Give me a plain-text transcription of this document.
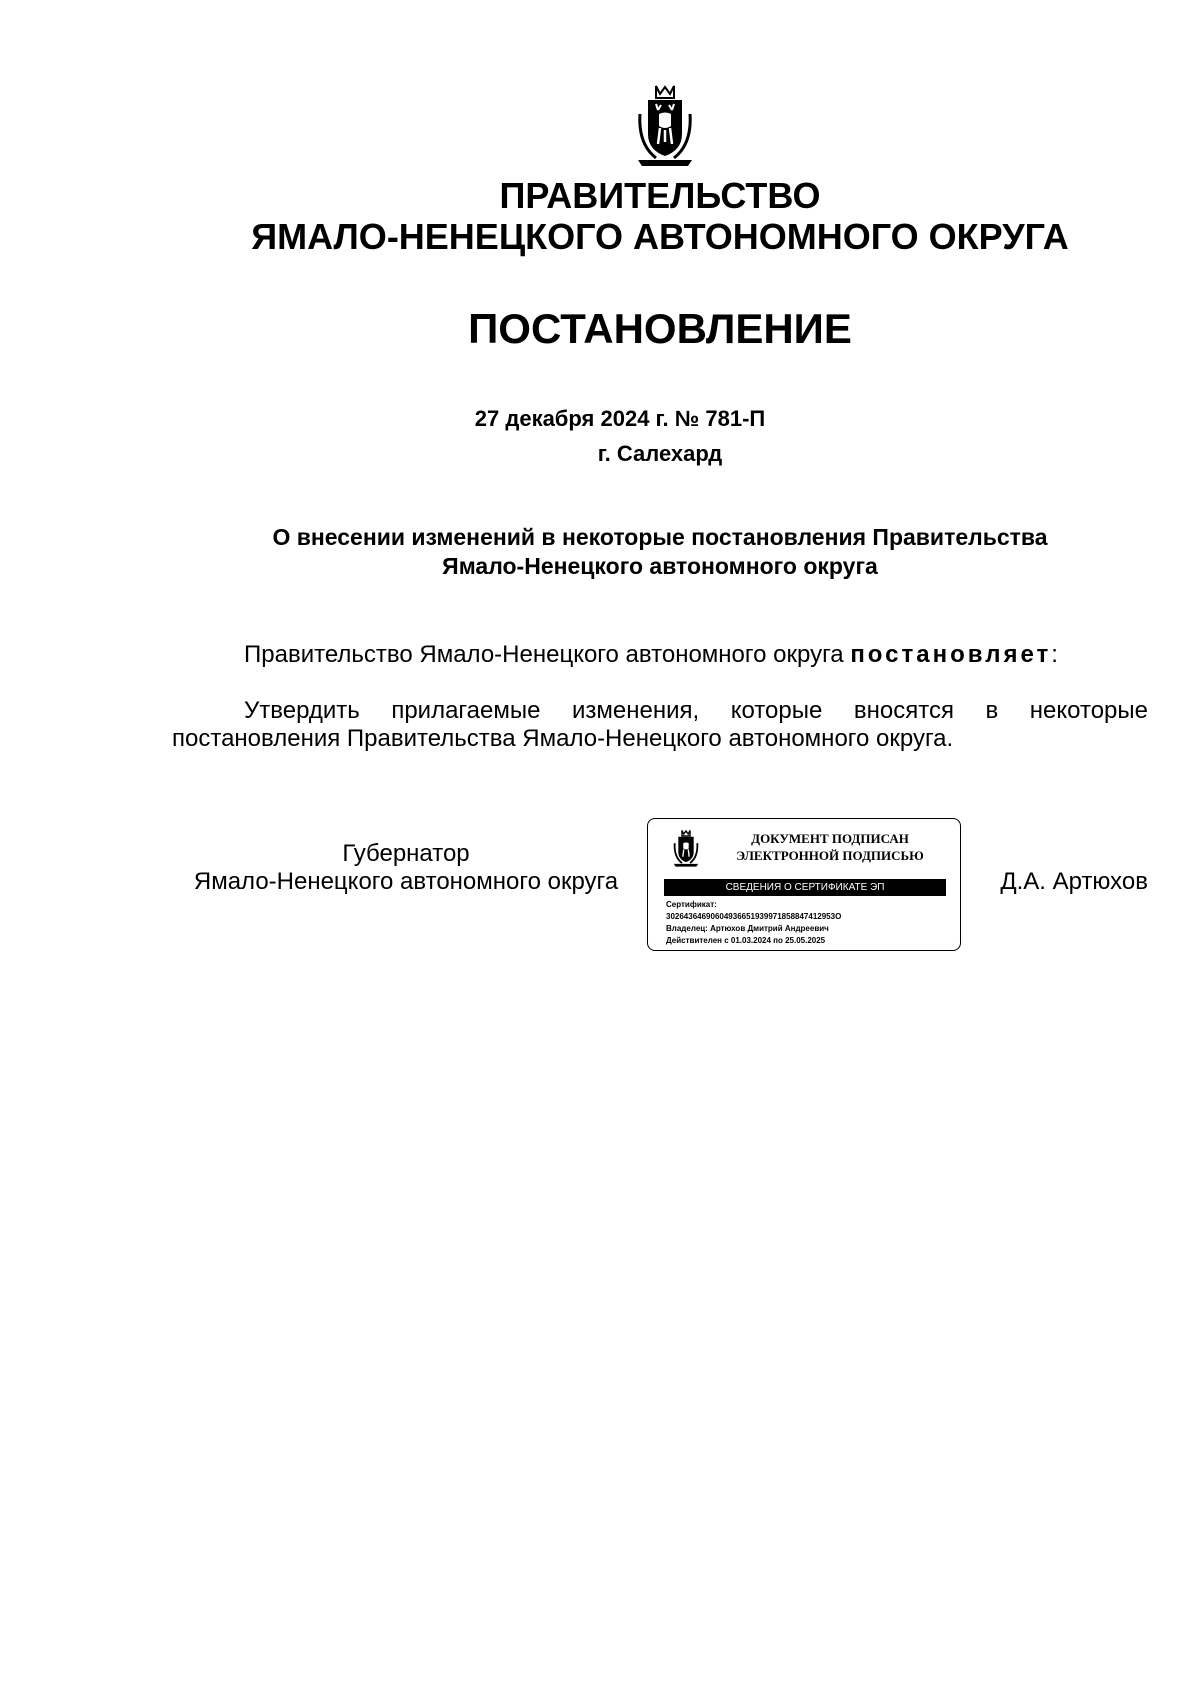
ПРАВИТЕЛЬСТВО
ЯМАЛО-НЕНЕЦКОГО АВТОНОМНОГО ОКРУГА
ПОСТАНОВЛЕНИЕ
27 декабря 2024 г. № 781-П
г. Салехард
О внесении изменений в некоторые постановления Правительства
Ямало-Ненецкого автономного округа

Правительство Ямало-Ненецкого автономного округа постановляет:

Утвердить прилагаемые изменения, которые вносятся в некоторые постановления Правительства Ямало-Ненецкого автономного округа.

Губернатор
Ямало-Ненецкого автономного округа
ДОКУМЕНТ ПОДПИСАН
ЭЛЕКТРОННОЙ ПОДПИСЬЮ
СВЕДЕНИЯ О СЕРТИФИКАТЕ ЭП
Сертификат:
30264364690604936651939971858847412953O
Владелец: Артюхов Дмитрий Андреевич
Действителен с 01.03.2024 по 25.05.2025
Д.А. Артюхов
